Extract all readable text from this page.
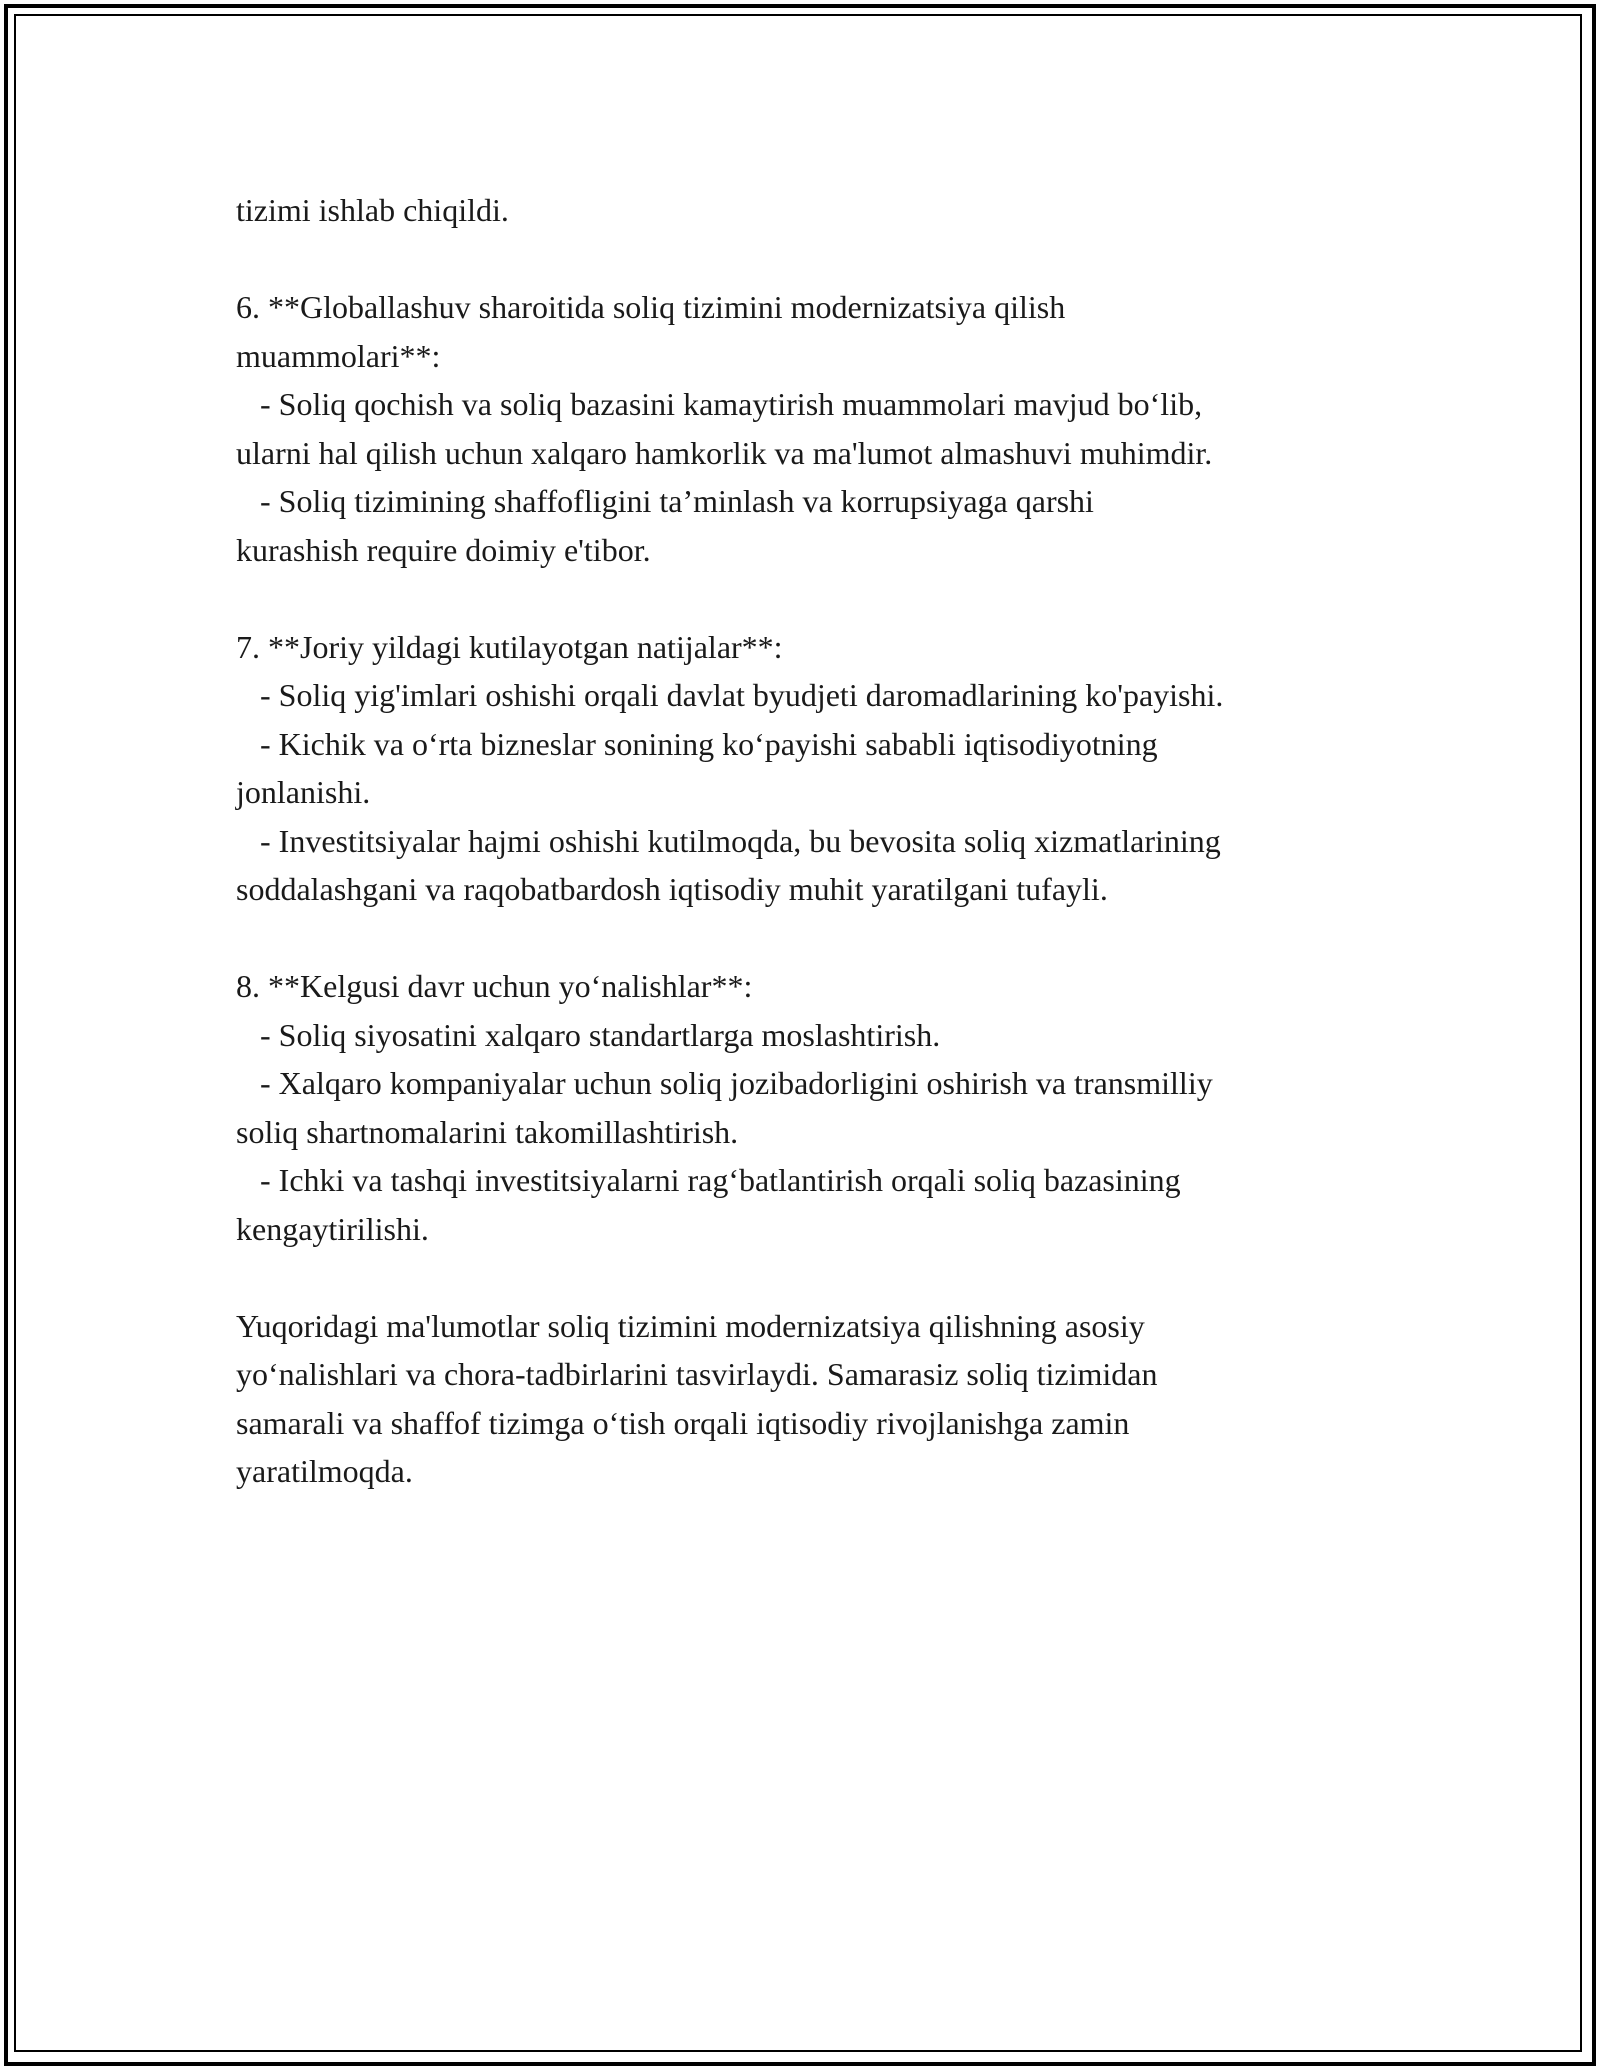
tizimi ishlab chiqildi.
6. **Globallashuv sharoitida soliq tizimini modernizatsiya qilish
muammolari**:
- Soliq qochish va soliq bazasini kamaytirish muammolari mavjud bo‘lib,
ularni hal qilish uchun xalqaro hamkorlik va ma'lumot almashuvi muhimdir.
- Soliq tizimining shaffofligini ta’minlash va korrupsiyaga qarshi
kurashish require doimiy e'tibor.
7. **Joriy yildagi kutilayotgan natijalar**:
- Soliq yig'imlari oshishi orqali davlat byudjeti daromadlarining ko'payishi.
- Kichik va o‘rta bizneslar sonining ko‘payishi sababli iqtisodiyotning
jonlanishi.
- Investitsiyalar hajmi oshishi kutilmoqda, bu bevosita soliq xizmatlarining
soddalashgani va raqobatbardosh iqtisodiy muhit yaratilgani tufayli.
8. **Kelgusi davr uchun yo‘nalishlar**:
- Soliq siyosatini xalqaro standartlarga moslashtirish.
- Xalqaro kompaniyalar uchun soliq jozibadorligini oshirish va transmilliy
soliq shartnomalarini takomillashtirish.
- Ichki va tashqi investitsiyalarni rag‘batlantirish orqali soliq bazasining
kengaytirilishi.
Yuqoridagi ma'lumotlar soliq tizimini modernizatsiya qilishning asosiy
yo‘nalishlari va chora-tadbirlarini tasvirlaydi. Samarasiz soliq tizimidan
samarali va shaffof tizimga o‘tish orqali iqtisodiy rivojlanishga zamin
yaratilmoqda.
